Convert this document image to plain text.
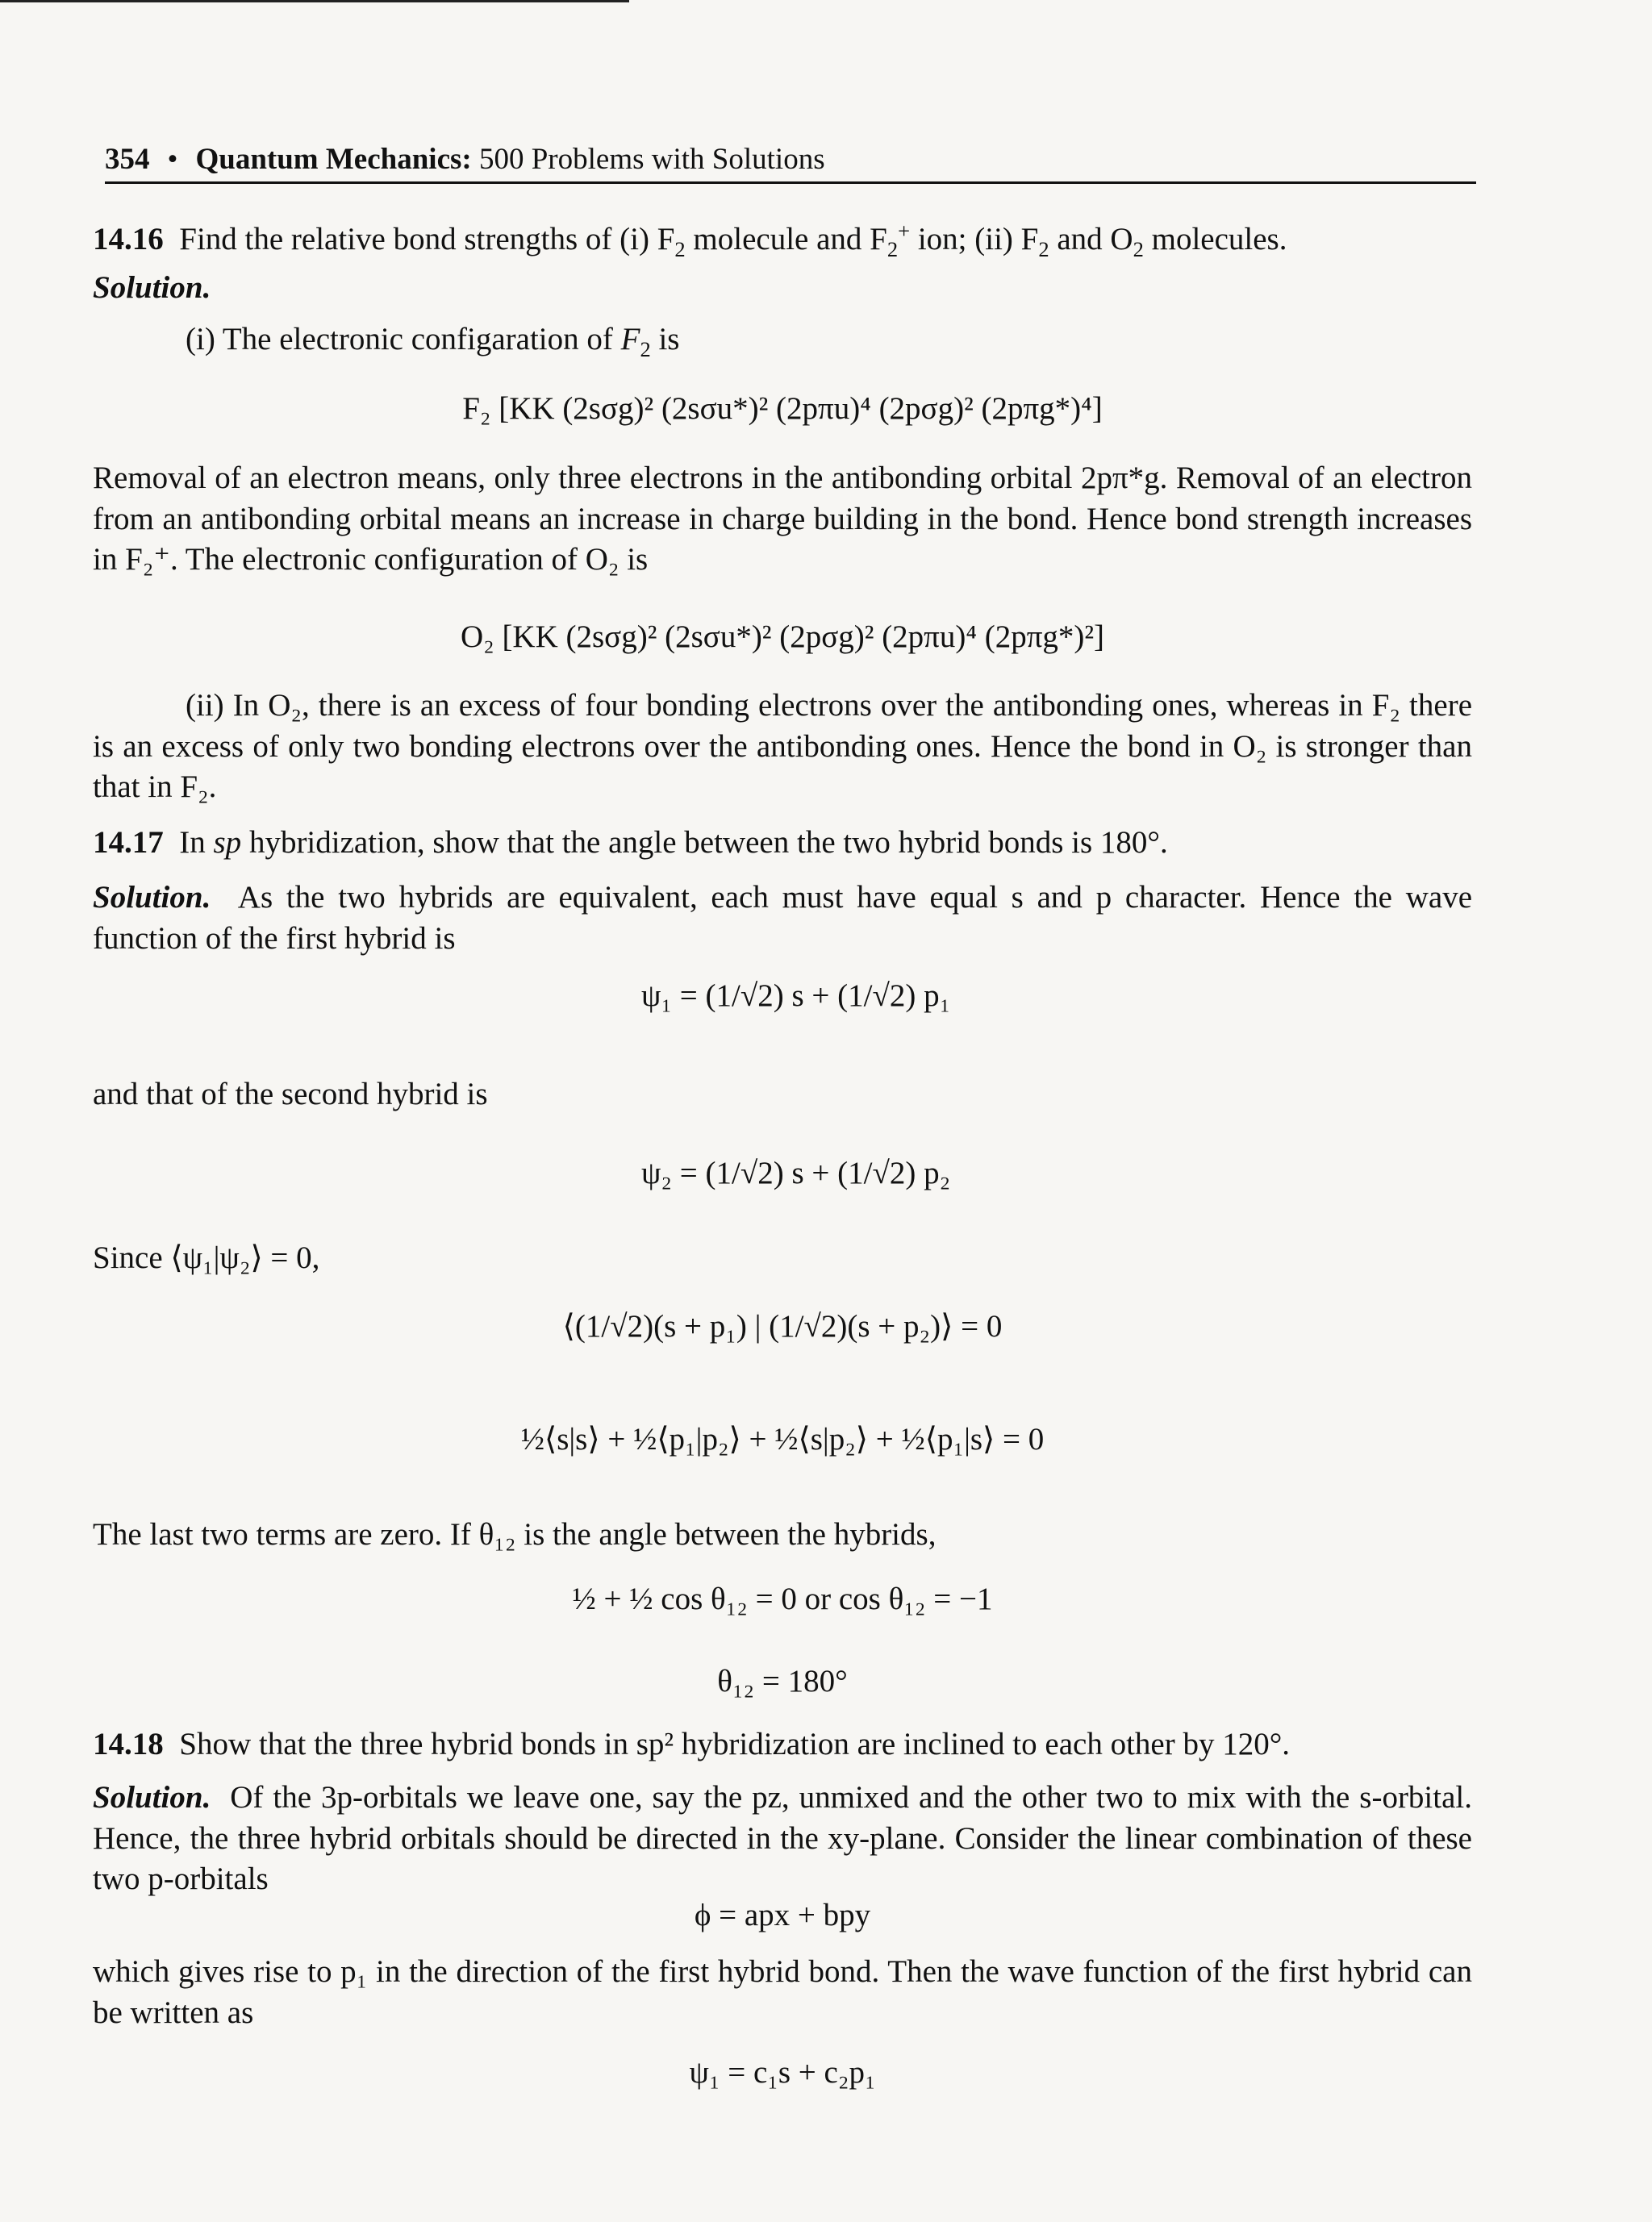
354 • Quantum Mechanics: 500 Problems with Solutions
14.16 Find the relative bond strengths of (i) $F_2$ molecule and $F_2^+$ ion; (ii) $F_2$ and $O_2$ molecules.
Solution.
(i) The electronic configaration of $F_2$ is
F₂ [KK (2sσg)² (2sσu*)² (2pπu)⁴ (2pσg)² (2pπg*)⁴]
Removal of an electron means, only three electrons in the antibonding orbital 2pπ*g. Removal of an electron from an antibonding orbital means an increase in charge building in the bond. Hence bond strength increases in F₂⁺. The electronic configuration of O₂ is
O₂ [KK (2sσg)² (2sσu*)² (2pσg)² (2pπu)⁴ (2pπg*)²]
(ii) In O₂, there is an excess of four bonding electrons over the antibonding ones, whereas in F₂ there is an excess of only two bonding electrons over the antibonding ones. Hence the bond in O₂ is stronger than that in F₂.
14.17 In sp hybridization, show that the angle between the two hybrid bonds is 180°.
Solution. As the two hybrids are equivalent, each must have equal s and p character. Hence the wave function of the first hybrid is
ψ₁ = (1/√2) s + (1/√2) p₁
and that of the second hybrid is
ψ₂ = (1/√2) s + (1/√2) p₂
Since ⟨ψ₁|ψ₂⟩ = 0,
⟨(1/√2)(s + p₁) | (1/√2)(s + p₂)⟩ = 0
½⟨s|s⟩ + ½⟨p₁|p₂⟩ + ½⟨s|p₂⟩ + ½⟨p₁|s⟩ = 0
The last two terms are zero. If θ₁₂ is the angle between the hybrids,
½ + ½ cos θ₁₂ = 0 or cos θ₁₂ = −1
θ₁₂ = 180°
14.18 Show that the three hybrid bonds in sp² hybridization are inclined to each other by 120°.
Solution. Of the 3p-orbitals we leave one, say the pz, unmixed and the other two to mix with the s-orbital. Hence, the three hybrid orbitals should be directed in the xy-plane. Consider the linear combination of these two p-orbitals
ϕ = apx + bpy
which gives rise to p₁ in the direction of the first hybrid bond. Then the wave function of the first hybrid can be written as
ψ₁ = c₁s + c₂p₁
